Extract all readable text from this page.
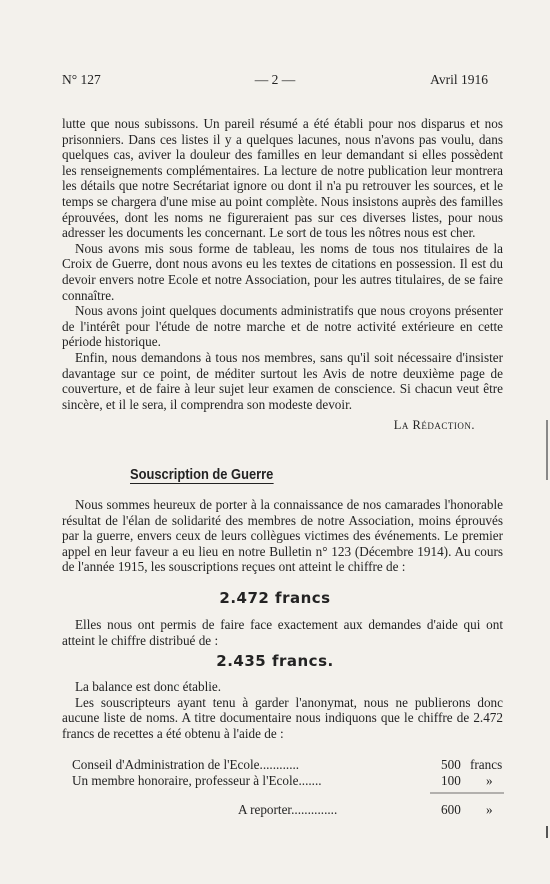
N° 127	— 2 —	Avril 1916

lutte que nous subissons. Un pareil résumé a été établi pour nos disparus et nos prisonniers. Dans ces listes il y a quelques lacunes, nous n'avons pas voulu, dans quelques cas, aviver la douleur des familles en leur demandant si elles possèdent les renseignements complémentaires. La lecture de notre publication leur montrera les détails que notre Secrétariat ignore ou dont il n'a pu retrouver les sources, et le temps se chargera d'une mise au point complète. Nous insistons auprès des familles éprouvées, dont les noms ne figureraient pas sur ces diverses listes, pour nous adresser les documents les concernant. Le sort de tous les nôtres nous est cher.

Nous avons mis sous forme de tableau, les noms de tous nos titulaires de la Croix de Guerre, dont nous avons eu les textes de citations en possession. Il est du devoir envers notre Ecole et notre Association, pour les autres titulaires, de se faire connaître.

Nous avons joint quelques documents administratifs que nous croyons présenter de l'intérêt pour l'étude de notre marche et de notre activité extérieure en cette période historique.

Enfin, nous demandons à tous nos membres, sans qu'il soit nécessaire d'insister davantage sur ce point, de méditer surtout les Avis de notre deuxième page de couverture, et de faire à leur sujet leur examen de conscience. Si chacun veut être sincère, et il le sera, il comprendra son modeste devoir.

La Rédaction.
Souscription de Guerre

Nous sommes heureux de porter à la connaissance de nos camarades l'honorable résultat de l'élan de solidarité des membres de notre Association, moins éprouvés par la guerre, envers ceux de leurs collègues victimes des événements. Le premier appel en leur faveur a eu lieu en notre Bulletin n° 123 (Décembre 1914). Au cours de l'année 1915, les souscriptions reçues ont atteint le chiffre de :

2.472 francs

Elles nous ont permis de faire face exactement aux demandes d'aide qui ont atteint le chiffre distribué de :

2.435 francs.

La balance est donc établie.

Les souscripteurs ayant tenu à garder l'anonymat, nous ne publierons donc aucune liste de noms. A titre documentaire nous indiquons que le chiffre de 2.472 francs de recettes a été obtenu à l'aide de :

Conseil d'Administration de l'Ecole............	500 francs
Un membre honoraire, professeur à l'Ecole.......	100 »
A reporter..............	600 »
